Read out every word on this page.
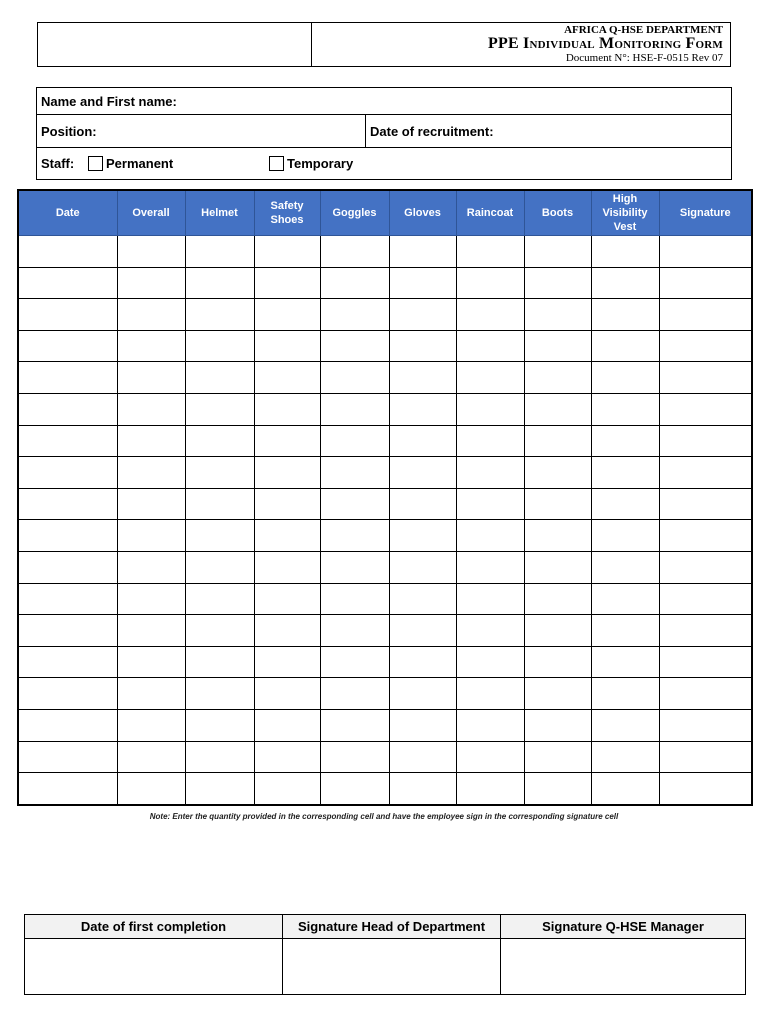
AFRICA Q-HSE DEPARTMENT
PPE Individual Monitoring Form
Document N°: HSE-F-0515 Rev 07
Name and First name:
Position:	Date of recruitment:
Staff:	Permanent	Temporary
Date	Overall	Helmet	Safety Shoes	Goggles	Gloves	Raincoat	Boots	High Visibility Vest	Signature

Note: Enter the quantity provided in the corresponding cell and have the employee sign in the corresponding signature cell
Date of first completion	Signature Head of Department	Signature Q-HSE Manager
